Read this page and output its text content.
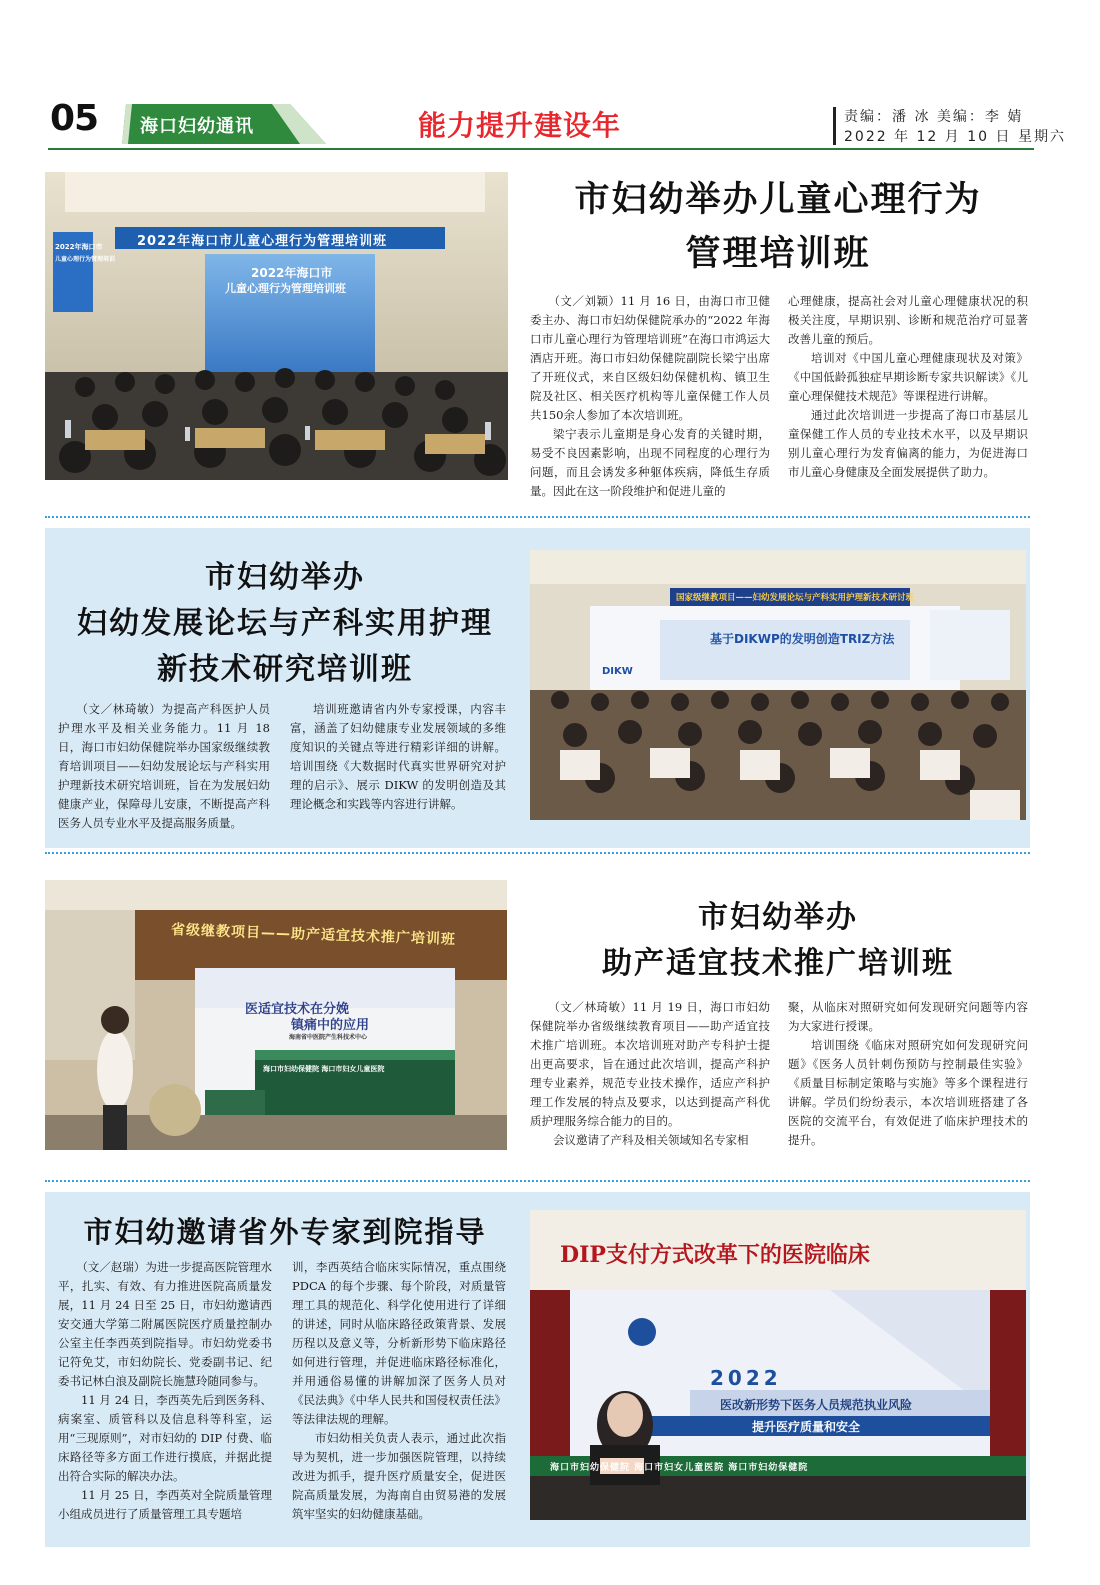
05 海口妇幼通讯	能力提升建设年	责编：潘 冰 美编：李 婧
2022 年 12 月 10 日 星期六
2022年海口市儿童心理行为管理培训班
2022年海口市
儿童心理行为管理培训班
2022年海口市
儿童心理行为管理培训
市妇幼举办儿童心理行为
管理培训班

（文／刘颖）11 月 16 日，由海口市卫健委主办、海口市妇幼保健院承办的“2022 年海口市儿童心理行为管理培训班”在海口市鸿运大酒店开班。海口市妇幼保健院副院长梁宁出席了开班仪式，来自区级妇幼保健机构、镇卫生院及社区、相关医疗机构等儿童保健工作人员共150余人参加了本次培训班。

梁宁表示儿童期是身心发育的关键时期，易受不良因素影响，出现不同程度的心理行为问题，而且会诱发多种躯体疾病，降低生存质量。因此在这一阶段维护和促进儿童的

心理健康，提高社会对儿童心理健康状况的积极关注度，早期识别、诊断和规范治疗可显著改善儿童的预后。

培训对《中国儿童心理健康现状及对策》《中国低龄孤独症早期诊断专家共识解读》《儿童心理保健技术规范》等课程进行讲解。

通过此次培训进一步提高了海口市基层儿童保健工作人员的专业技术水平，以及早期识别儿童心理行为发育偏离的能力，为促进海口市儿童心身健康及全面发展提供了助力。

市妇幼举办
妇幼发展论坛与产科实用护理
新技术研究培训班

（文／林琦敏）为提高产科医护人员护理水平及相关业务能力。11 月 18 日，海口市妇幼保健院举办国家级继续教育培训项目——妇幼发展论坛与产科实用护理新技术研究培训班，旨在为发展妇幼健康产业，保障母儿安康，不断提高产科医务人员专业水平及提高服务质量。

培训班邀请省内外专家授课，内容丰富，涵盖了妇幼健康专业发展领域的多维度知识的关键点等进行精彩详细的讲解。培训围绕《大数据时代真实世界研究对护理的启示》、展示 DIKW 的发明创造及其理论概念和实践等内容进行讲解。

国家级继教项目——妇幼发展论坛与产科实用护理新技术研讨班
基于DIKWP的发明创造TRIZ方法
DIKW
省级继教项目——助产适宜技术推广培训班
医适宜技术在分娩
镇痛中的应用
海南省中医院产生科技术中心
海口市妇幼保健院 海口市妇女儿童医院
市妇幼举办
助产适宜技术推广培训班

（文／林琦敏）11 月 19 日，海口市妇幼保健院举办省级继续教育项目——助产适宜技术推广培训班。本次培训班对助产专科护士提出更高要求，旨在通过此次培训，提高产科护理专业素养，规范专业技术操作，适应产科护理工作发展的特点及要求，以达到提高产科优质护理服务综合能力的目的。

会议邀请了产科及相关领域知名专家相

聚，从临床对照研究如何发现研究问题等内容为大家进行授课。

培训围绕《临床对照研究如何发现研究问题》《医务人员针刺伤预防与控制最佳实验》《质量目标制定策略与实施》等多个课程进行讲解。学员们纷纷表示，本次培训班搭建了各医院的交流平台，有效促进了临床护理技术的提升。

市妇幼邀请省外专家到院指导

（文／赵瑞）为进一步提高医院管理水平，扎实、有效、有力推进医院高质量发展，11 月 24 日至 25 日，市妇幼邀请西安交通大学第二附属医院医疗质量控制办公室主任李西英到院指导。市妇幼党委书记符免艾，市妇幼院长、党委副书记、纪委书记林白浪及副院长施慧玲随同参与。

11 月 24 日，李西英先后到医务科、病案室、质管科以及信息科等科室，运用“三现原则”，对市妇幼的 DIP 付费、临床路径等多方面工作进行摸底，并据此提出符合实际的解决办法。

11 月 25 日，李西英对全院质量管理小组成员进行了质量管理工具专题培

训，李西英结合临床实际情况，重点围绕 PDCA 的每个步骤、每个阶段，对质量管理工具的规范化、科学化使用进行了详细的讲述，同时从临床路径政策背景、发展历程以及意义等，分析新形势下临床路径如何进行管理，并促进临床路径标准化，并用通俗易懂的讲解加深了医务人员对《民法典》《中华人民共和国侵权责任法》等法律法规的理解。

市妇幼相关负责人表示，通过此次指导为契机，进一步加强医院管理，以持续改进为抓手，提升医疗质量安全，促进医院高质量发展，为海南自由贸易港的发展筑牢坚实的妇幼健康基础。

DIP支付方式改革下的医院临床
2022
医改新形势下医务人员规范执业风险
提升医疗质量和安全
海口市妇幼保健院 海口市妇女儿童医院 海口市妇幼保健院
